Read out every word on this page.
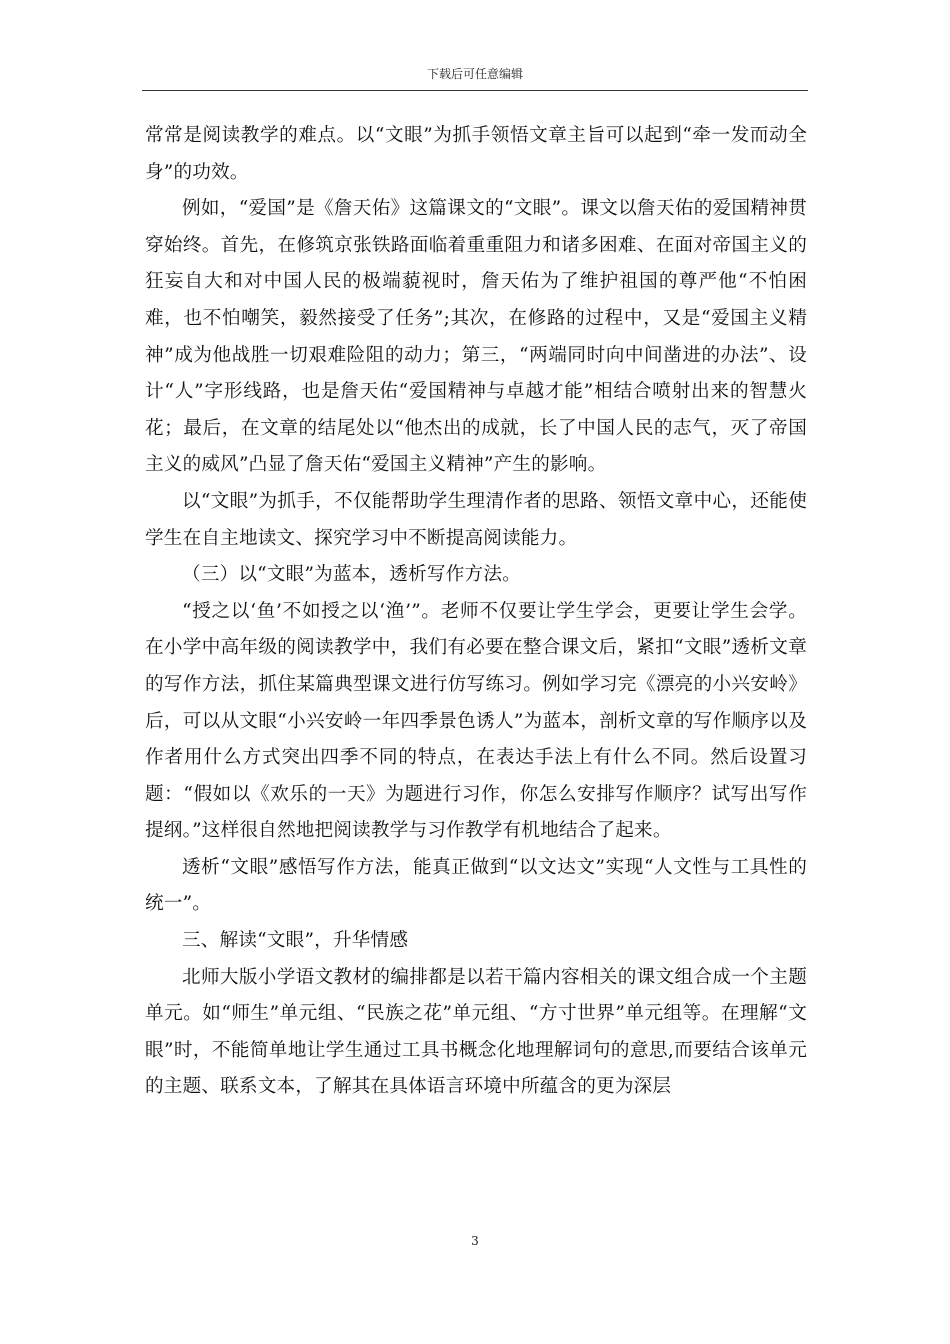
下载后可任意编辑

常常是阅读教学的难点。以“文眼”为抓手领悟文章主旨可以起到“牵一发而动全身”的功效。

例如，“爱国”是《詹天佑》这篇课文的“文眼”。课文以詹天佑的爱国精神贯穿始终。首先，在修筑京张铁路面临着重重阻力和诸多困难、在面对帝国主义的狂妄自大和对中国人民的极端藐视时，詹天佑为了维护祖国的尊严他“不怕困难，也不怕嘲笑，毅然接受了任务”;其次，在修路的过程中，又是“爱国主义精神”成为他战胜一切艰难险阻的动力；第三，“两端同时向中间凿进的办法”、设计“人”字形线路，也是詹天佑“爱国精神与卓越才能”相结合喷射出来的智慧火花；最后，在文章的结尾处以“他杰出的成就，长了中国人民的志气，灭了帝国主义的威风”凸显了詹天佑“爱国主义精神”产生的影响。

以“文眼”为抓手，不仅能帮助学生理清作者的思路、领悟文章中心，还能使学生在自主地读文、探究学习中不断提高阅读能力。

（三）以“文眼”为蓝本，透析写作方法。

“授之以‘鱼’不如授之以‘渔’”。老师不仅要让学生学会，更要让学生会学。在小学中高年级的阅读教学中，我们有必要在整合课文后，紧扣“文眼”透析文章的写作方法，抓住某篇典型课文进行仿写练习。例如学习完《漂亮的小兴安岭》后，可以从文眼“小兴安岭一年四季景色诱人”为蓝本，剖析文章的写作顺序以及作者用什么方式突出四季不同的特点，在表达手法上有什么不同。然后设置习题：“假如以《欢乐的一天》为题进行习作，你怎么安排写作顺序？试写出写作提纲。”这样很自然地把阅读教学与习作教学有机地结合了起来。

透析“文眼”感悟写作方法，能真正做到“以文达文”实现“人文性与工具性的统一”。

三、解读“文眼”，升华情感

北师大版小学语文教材的编排都是以若干篇内容相关的课文组合成一个主题单元。如“师生”单元组、“民族之花”单元组、“方寸世界”单元组等。在理解“文眼”时，不能简单地让学生通过工具书概念化地理解词句的意思,而要结合该单元的主题、联系文本，了解其在具体语言环境中所蕴含的更为深层

3
